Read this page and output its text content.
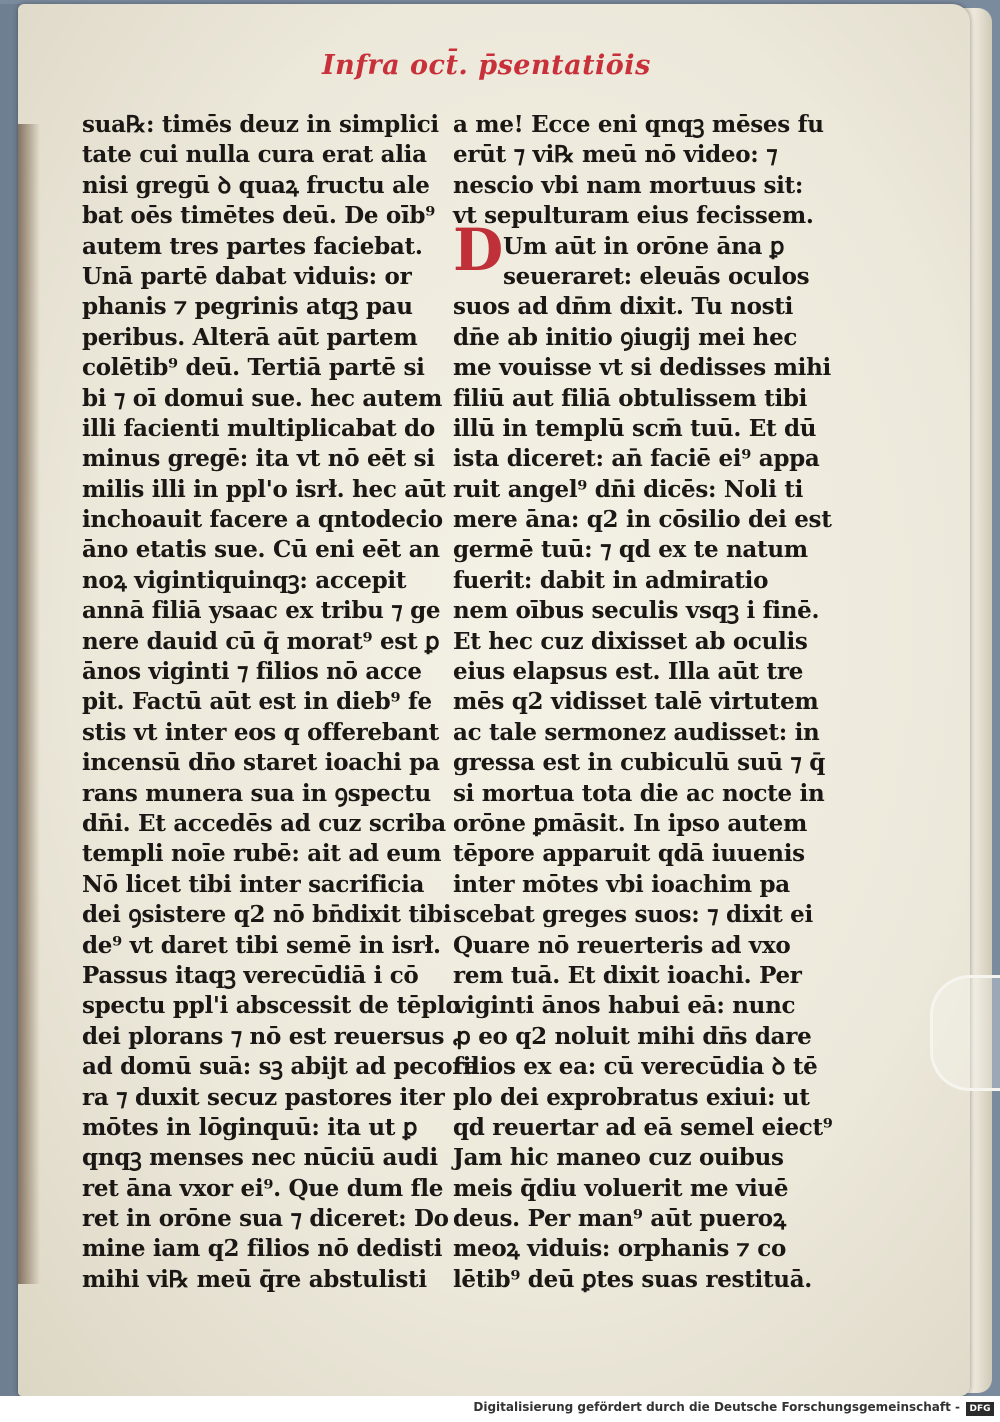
Infra oct̄. p̄sentatiōis
sua℞: timēs deuz in simplici
tate cui nulla cura erat alia
nisi gregū ꝺ quaꝝ fructu ale
bat oēs timētes deū. De oīb⁹
autem tres partes faciebat.
Unā partē dabat viduis: or
phanis ⁊ pegrinis atqꝫ pau
peribus. Alterā aūt partem
colētib⁹ deū. Tertiā partē si
bi ⁊ oī domui sue. hec autem
illi facienti multiplicabat do
minus gregē: ita vt nō eēt si
milis illi in ppl'o isrł. hec aūt
inchoauit facere a qntodecio
āno etatis sue. Cū eni eēt an
noꝝ vigintiquinqꝫ: accepit
annā filiā ysaac ex tribu ⁊ ge
nere dauid cū q̄ morat⁹ est ꝑ
ānos viginti ⁊ filios nō acce
pit. Factū aūt est in dieb⁹ fe
stis vt inter eos q offerebant
incensū dn̄o staret ioachi pa
rans munera sua in ꝯspectu
dn̄i. Et accedēs ad cuz scriba
templi noīe rubē: ait ad eum
Nō licet tibi inter sacrificia
dei ꝯsistere q2 nō bn̄dixit tibi
de⁹ vt daret tibi semē in isrł.
Passus itaqꝫ verecūdiā i cō
spectu ppl'i abscessit de tēplo
dei plorans ⁊ nō est reuersus
ad domū suā: sꝫ abijt ad pecora
ra ⁊ duxit secuz pastores iter
mōtes in lōginquū: ita ut ꝑ
qnqꝫ menses nec nūciū audi
ret āna vxor ei⁹. Que dum fle
ret in orōne sua ⁊ diceret: Do
mine iam q2 filios nō dedisti
mihi vi℞ meū q̄re abstulisti
D
a me! Ecce eni qnqꝫ mēses fu
erūt ⁊ vi℞ meū nō video: ⁊
nescio vbi nam mortuus sit:
vt sepulturam eius fecissem.
Um aūt in orōne āna ꝑ
seueraret: eleuās oculos
suos ad dn̄m dixit. Tu nosti
dn̄e ab initio ꝯiugij mei hec
me vouisse vt si dedisses mihi
filiū aut filiā obtulissem tibi
illū in templū scm̄ tuū. Et dū
ista diceret: an̄ faciē ei⁹ appa
ruit angel⁹ dn̄i dicēs: Noli ti
mere āna: q2 in cōsilio dei est
germē tuū: ⁊ qd ex te natum
fuerit: dabit in admiratio
nem oībus seculis vsqꝫ i finē.
Et hec cuz dixisset ab oculis
eius elapsus est. Illa aūt tre
mēs q2 vidisset talē virtutem
ac tale sermonez audisset: in
gressa est in cubiculū suū ⁊ q̄
si mortua tota die ac nocte in
orōne ꝑmāsit. In ipso autem
tēpore apparuit qdā iuuenis
inter mōtes vbi ioachim pa
scebat greges suos: ⁊ dixit ei
Quare nō reuerteris ad vxo
rem tuā. Et dixit ioachi. Per
viginti ānos habui eā: nunc
ꝓ eo q2 noluit mihi dn̄s dare
filios ex ea: cū verecūdia ꝺ tē
plo dei exprobratus exiui: ut
qd reuertar ad eā semel eiect⁹
Jam hic maneo cuz ouibus
meis q̄diu voluerit me viuē
deus. Per man⁹ aūt pueroꝝ
meoꝝ viduis: orphanis ⁊ co
lētib⁹ deū ꝑtes suas restituā.
Digitalisierung gefördert durch die Deutsche Forschungsgemeinschaft -	DFG
